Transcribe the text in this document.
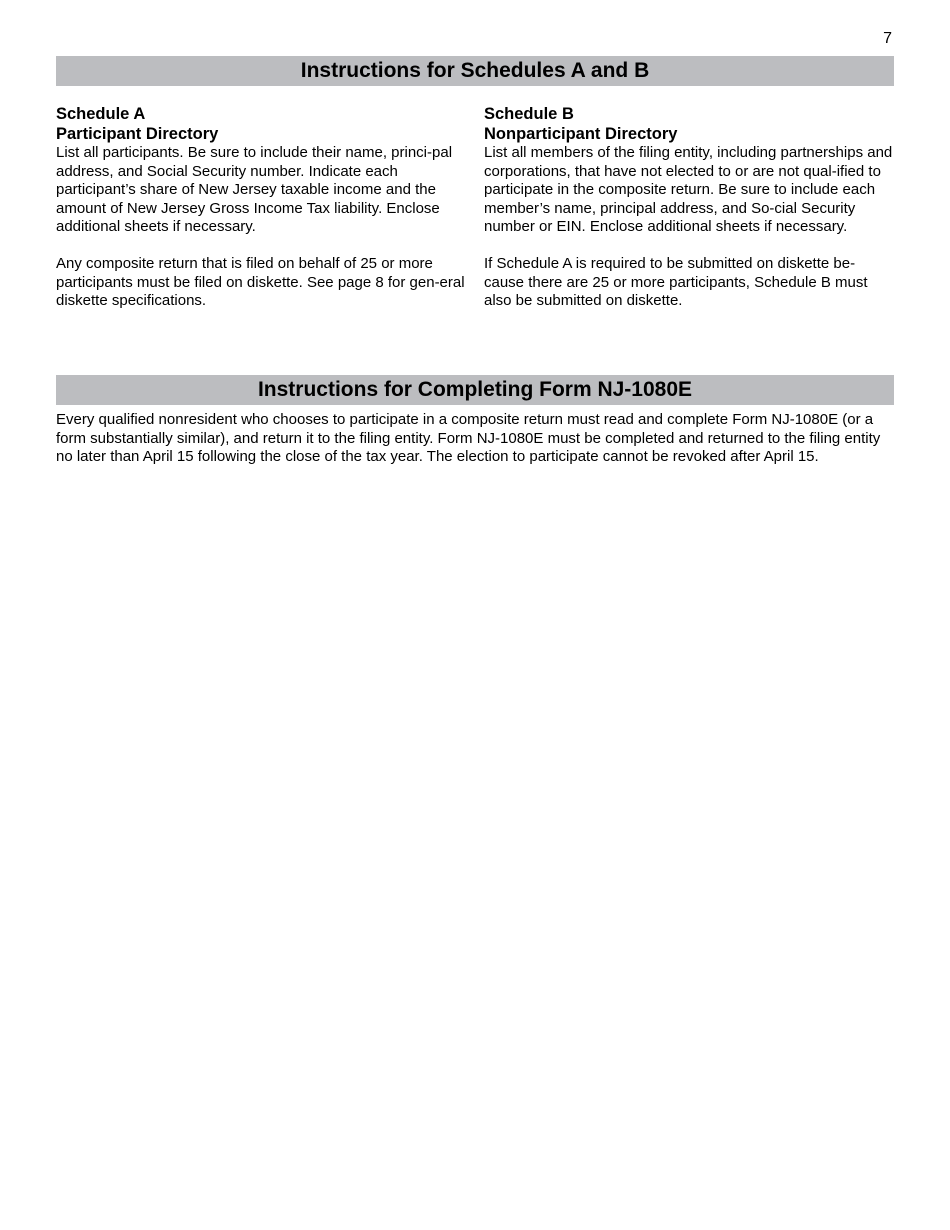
7
Instructions for Schedules A and B
Schedule A
Participant Directory

List all participants. Be sure to include their name, princi-pal address, and Social Security number. Indicate each participant’s share of New Jersey taxable income and the amount of New Jersey Gross Income Tax liability. Enclose additional sheets if necessary.

Any composite return that is filed on behalf of 25 or more participants must be filed on diskette. See page 8 for gen-eral diskette specifications.

Schedule B
Nonparticipant Directory

List all members of the filing entity, including partnerships and corporations, that have not elected to or are not qual-ified to participate in the composite return. Be sure to include each member’s name, principal address, and So-cial Security number or EIN. Enclose additional sheets if necessary.

If Schedule A is required to be submitted on diskette be-cause there are 25 or more participants, Schedule B must also be submitted on diskette.

Instructions for Completing Form NJ-1080E

Every qualified nonresident who chooses to participate in a composite return must read and complete Form NJ-1080E (or a form substantially similar), and return it to the filing entity. Form NJ-1080E must be completed and returned to the filing entity no later than April 15 following the close of the tax year. The election to participate cannot be revoked after April 15.
